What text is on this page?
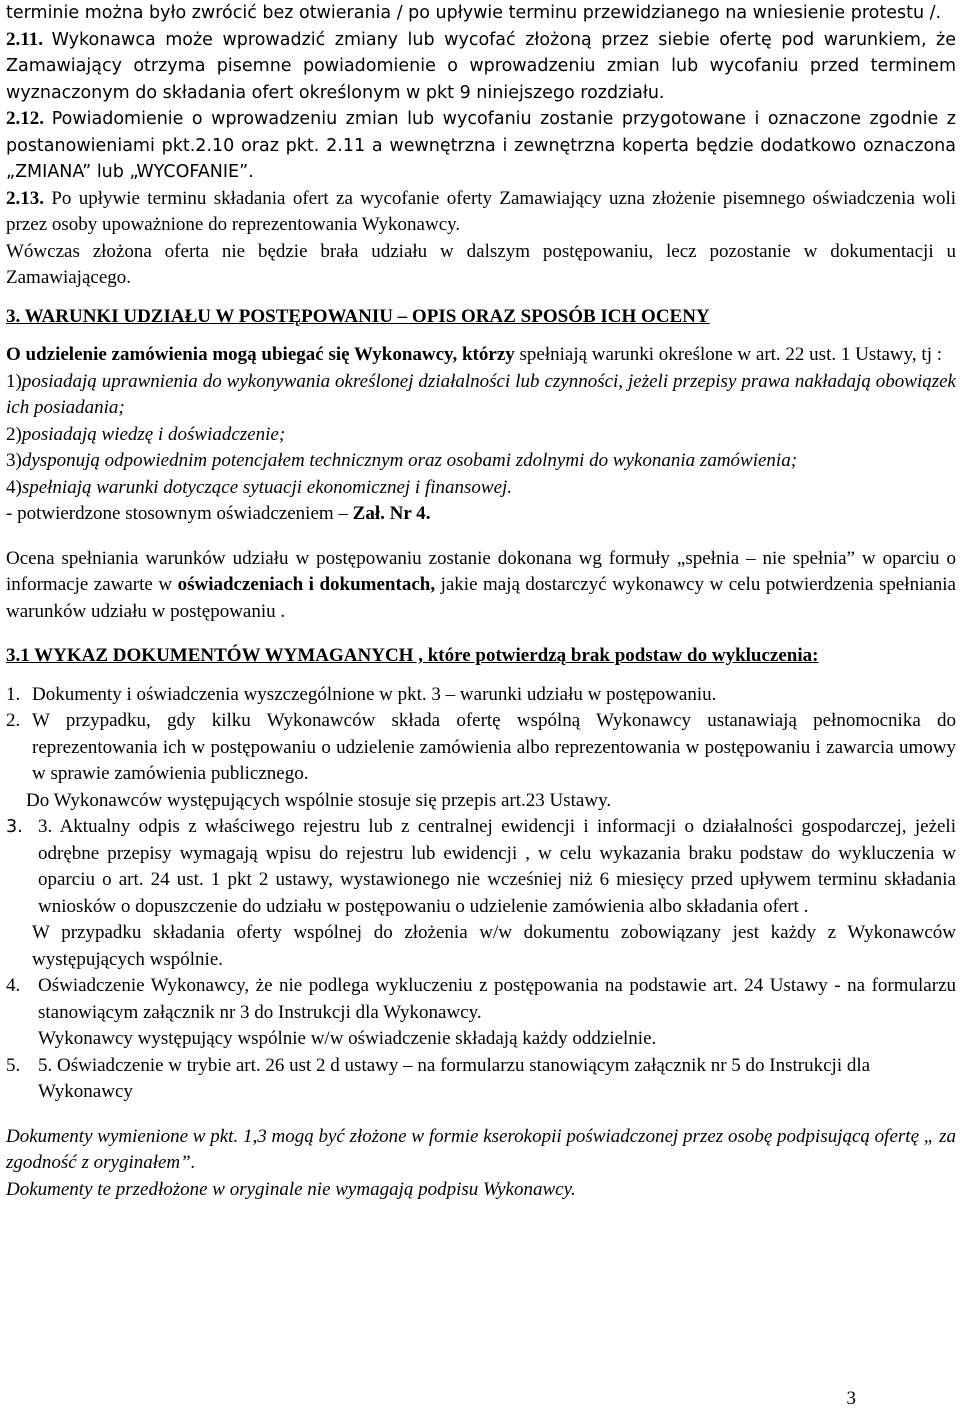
terminie można było zwrócić bez otwierania / po upływie terminu przewidzianego na wniesienie protestu /.

2.11. Wykonawca może wprowadzić zmiany lub wycofać złożoną przez siebie ofertę pod warunkiem, że Zamawiający otrzyma pisemne powiadomienie o wprowadzeniu zmian lub wycofaniu przed terminem wyznaczonym do składania ofert określonym w pkt 9 niniejszego rozdziału.

2.12. Powiadomienie o wprowadzeniu zmian lub wycofaniu zostanie przygotowane i oznaczone zgodnie z postanowieniami pkt.2.10 oraz pkt. 2.11 a wewnętrzna i zewnętrzna koperta będzie dodatkowo oznaczona „ZMIANA” lub „WYCOFANIE”.

2.13. Po upływie terminu składania ofert za wycofanie oferty Zamawiający uzna złożenie pisemnego oświadczenia woli przez osoby upoważnione do reprezentowania Wykonawcy.

Wówczas złożona oferta nie będzie brała udziału w dalszym postępowaniu, lecz pozostanie w dokumentacji u Zamawiającego.

3. WARUNKI UDZIAŁU W POSTĘPOWANIU – OPIS ORAZ SPOSÓB ICH OCENY

O udzielenie zamówienia mogą ubiegać się Wykonawcy, którzy spełniają warunki określone w art. 22 ust. 1 Ustawy, tj :

1)posiadają uprawnienia do wykonywania określonej działalności lub czynności, jeżeli przepisy prawa nakładają obowiązek ich posiadania;

2)posiadają wiedzę i doświadczenie;

3)dysponują odpowiednim potencjałem technicznym oraz osobami zdolnymi do wykonania zamówienia;

4)spełniają warunki dotyczące sytuacji ekonomicznej i finansowej.

- potwierdzone stosownym oświadczeniem – Zał. Nr 4.

Ocena spełniania warunków udziału w postępowaniu zostanie dokonana wg formuły „spełnia – nie spełnia” w oparciu o informacje zawarte w oświadczeniach i dokumentach, jakie mają dostarczyć wykonawcy w celu potwierdzenia spełniania warunków udziału w postępowaniu .

3.1 WYKAZ DOKUMENTÓW WYMAGANYCH , które potwierdzą brak podstaw do wykluczenia:

1. Dokumenty i oświadczenia wyszczególnione w pkt. 3 – warunki udziału w postępowaniu.
2. W przypadku, gdy kilku Wykonawców składa ofertę wspólną Wykonawcy ustanawiają pełnomocnika do reprezentowania ich w postępowaniu o udzielenie zamówienia albo reprezentowania w postępowaniu i zawarcia umowy w sprawie zamówienia publicznego.

Do Wykonawców występujących wspólnie stosuje się przepis art.23 Ustawy.

3. 3. Aktualny odpis z właściwego rejestru lub z centralnej ewidencji i informacji o działalności gospodarczej, jeżeli odrębne przepisy wymagają wpisu do rejestru lub ewidencji , w celu wykazania braku podstaw do wykluczenia w oparciu o art. 24 ust. 1 pkt 2 ustawy, wystawionego nie wcześniej niż 6 miesięcy przed upływem terminu składania wniosków o dopuszczenie do udziału w postępowaniu o udzielenie zamówienia albo składania ofert .

W przypadku składania oferty wspólnej do złożenia w/w dokumentu zobowiązany jest każdy z Wykonawców występujących wspólnie.

4. Oświadczenie Wykonawcy, że nie podlega wykluczeniu z postępowania na podstawie art. 24 Ustawy - na formularzu stanowiącym załącznik nr 3 do Instrukcji dla Wykonawcy.

Wykonawcy występujący wspólnie w/w oświadczenie składają każdy oddzielnie.

5. 5. Oświadczenie w trybie art. 26 ust 2 d ustawy – na formularzu stanowiącym załącznik nr 5 do Instrukcji dla Wykonawcy

Dokumenty wymienione w pkt. 1,3 mogą być złożone w formie kserokopii poświadczonej przez osobę podpisującą ofertę „ za zgodność z oryginałem”.

Dokumenty te przedłożone w oryginale nie wymagają podpisu Wykonawcy.

3
